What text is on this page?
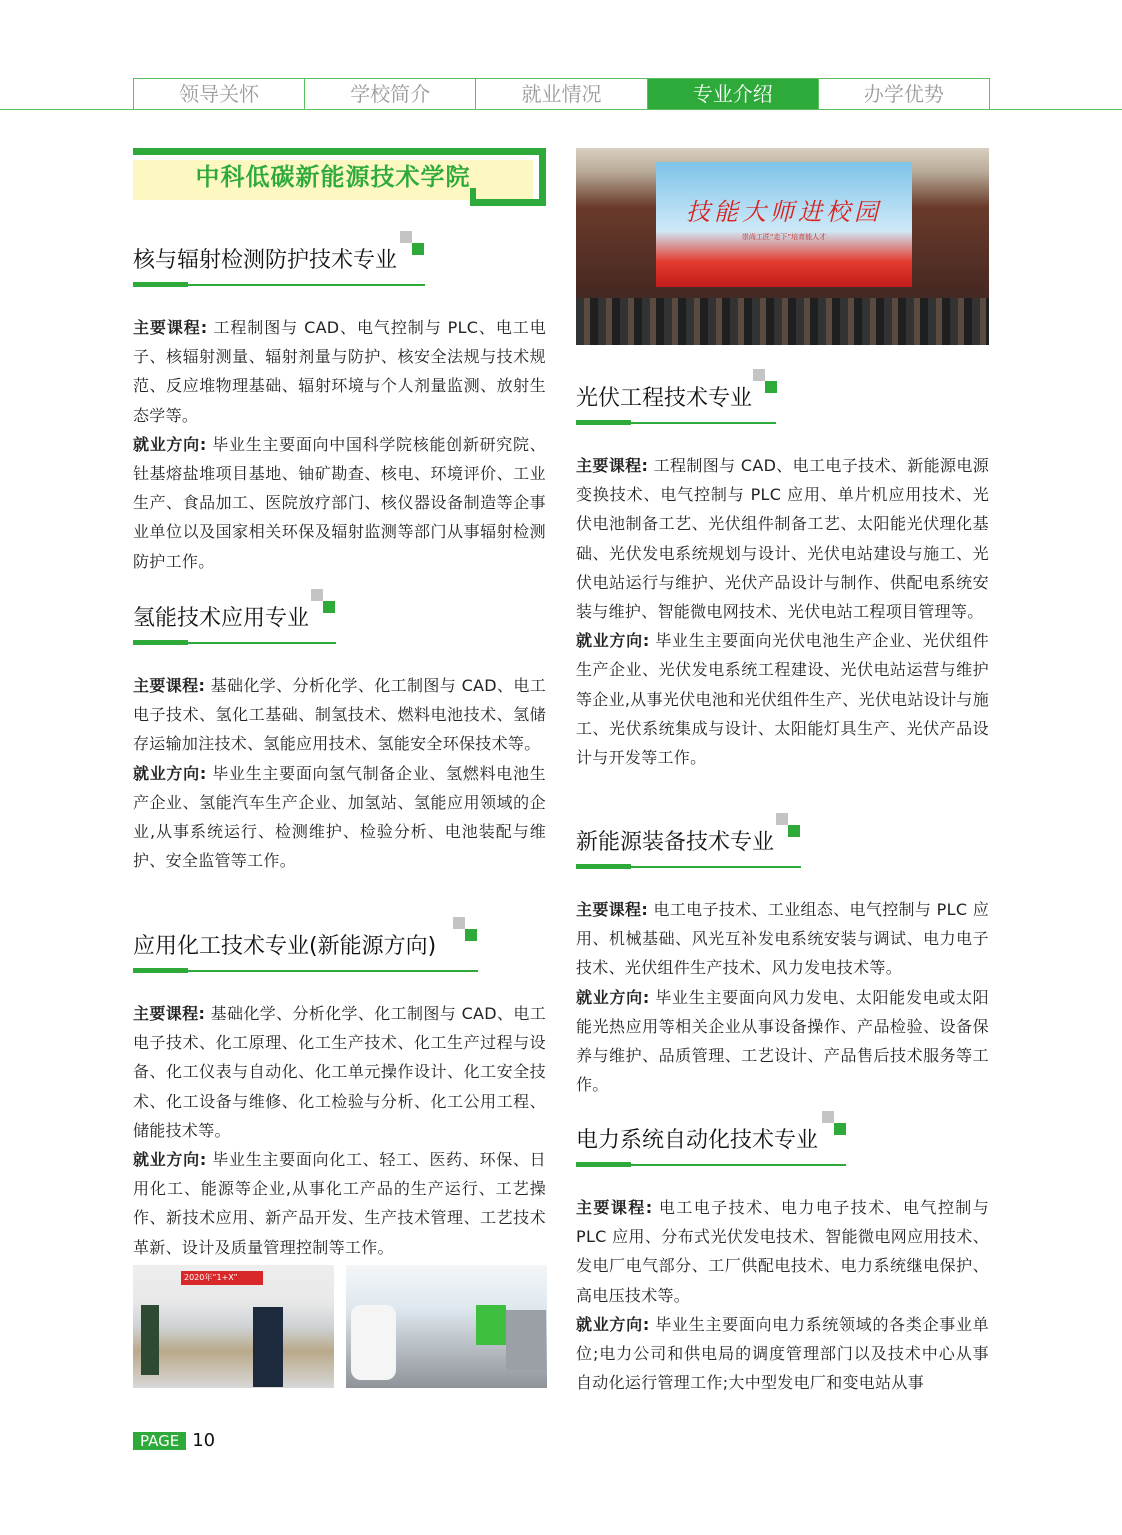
领导关怀	学校简介	就业情况	专业介绍	办学优势
中科低碳新能源技术学院
技能大师进校园
崇尚工匠“走下”培育能人才
核与辐射检测防护技术专业
主要课程: 工程制图与 CAD、电气控制与 PLC、电工电子、核辐射测量、辐射剂量与防护、核安全法规与技术规范、反应堆物理基础、辐射环境与个人剂量监测、放射生态学等。
就业方向: 毕业生主要面向中国科学院核能创新研究院、钍基熔盐堆项目基地、铀矿勘查、核电、环境评价、工业生产、食品加工、医院放疗部门、核仪器设备制造等企事业单位以及国家相关环保及辐射监测等部门从事辐射检测防护工作。
氢能技术应用专业
主要课程: 基础化学、分析化学、化工制图与 CAD、电工电子技术、氢化工基础、制氢技术、燃料电池技术、氢储存运输加注技术、氢能应用技术、氢能安全环保技术等。
就业方向: 毕业生主要面向氢气制备企业、氢燃料电池生产企业、氢能汽车生产企业、加氢站、氢能应用领域的企业,从事系统运行、检测维护、检验分析、电池装配与维护、安全监管等工作。
应用化工技术专业(新能源方向)
主要课程: 基础化学、分析化学、化工制图与 CAD、电工电子技术、化工原理、化工生产技术、化工生产过程与设备、化工仪表与自动化、化工单元操作设计、化工安全技术、化工设备与维修、化工检验与分析、化工公用工程、储能技术等。
就业方向: 毕业生主要面向化工、轻工、医药、环保、日用化工、能源等企业,从事化工产品的生产运行、工艺操作、新技术应用、新产品开发、生产技术管理、工艺技术革新、设计及质量管理控制等工作。
2020年“1+X”
光伏工程技术专业
主要课程: 工程制图与 CAD、电工电子技术、新能源电源变换技术、电气控制与 PLC 应用、单片机应用技术、光伏电池制备工艺、光伏组件制备工艺、太阳能光伏理化基础、光伏发电系统规划与设计、光伏电站建设与施工、光伏电站运行与维护、光伏产品设计与制作、供配电系统安装与维护、智能微电网技术、光伏电站工程项目管理等。
就业方向: 毕业生主要面向光伏电池生产企业、光伏组件生产企业、光伏发电系统工程建设、光伏电站运营与维护等企业,从事光伏电池和光伏组件生产、光伏电站设计与施工、光伏系统集成与设计、太阳能灯具生产、光伏产品设计与开发等工作。
新能源装备技术专业
主要课程: 电工电子技术、工业组态、电气控制与 PLC 应用、机械基础、风光互补发电系统安装与调试、电力电子技术、光伏组件生产技术、风力发电技术等。
就业方向: 毕业生主要面向风力发电、太阳能发电或太阳能光热应用等相关企业从事设备操作、产品检验、设备保养与维护、品质管理、工艺设计、产品售后技术服务等工作。
电力系统自动化技术专业
主要课程: 电工电子技术、电力电子技术、电气控制与 PLC 应用、分布式光伏发电技术、智能微电网应用技术、发电厂电气部分、工厂供配电技术、电力系统继电保护、高电压技术等。
就业方向: 毕业生主要面向电力系统领域的各类企事业单位;电力公司和供电局的调度管理部门以及技术中心从事自动化运行管理工作;大中型发电厂和变电站从事
PAGE 10
